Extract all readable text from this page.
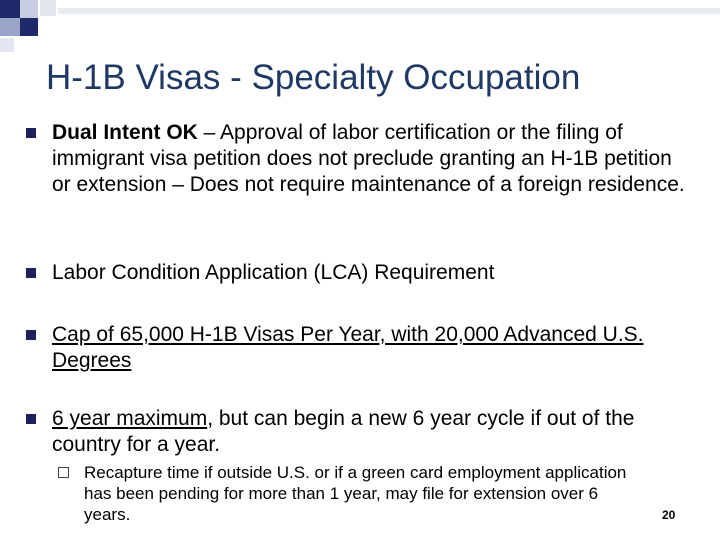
H-1B Visas - Specialty Occupation
Dual Intent OK – Approval of labor certification or the filing of immigrant visa petition does not preclude granting an H-1B petition or extension – Does not require maintenance of a foreign residence.
Labor Condition Application (LCA) Requirement
Cap of 65,000 H-1B Visas Per Year, with 20,000 Advanced U.S. Degrees
6 year maximum, but can begin a new 6 year cycle if out of the country for a year.
Recapture time if outside U.S. or if a green card employment application has been pending for more than 1 year, may file for extension over 6 years.	20
